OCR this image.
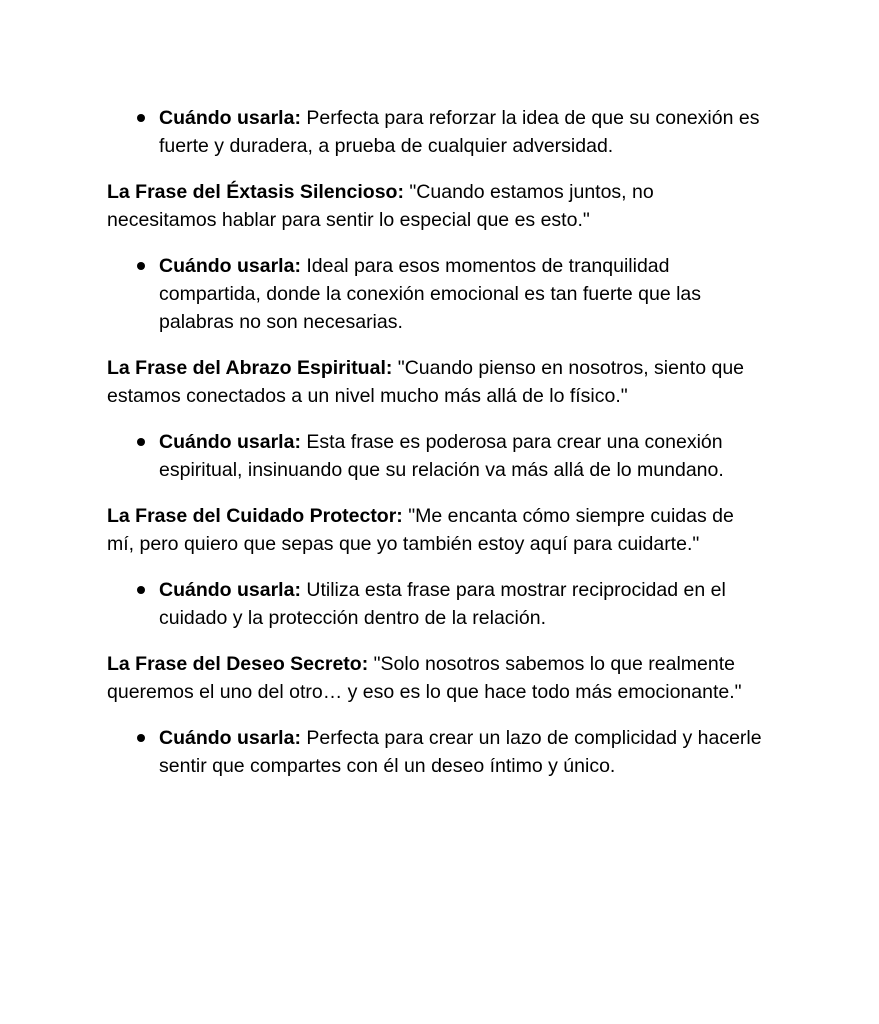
Cuándo usarla: Perfecta para reforzar la idea de que su conexión es fuerte y duradera, a prueba de cualquier adversidad.

La Frase del Éxtasis Silencioso: "Cuando estamos juntos, no necesitamos hablar para sentir lo especial que es esto."

Cuándo usarla: Ideal para esos momentos de tranquilidad compartida, donde la conexión emocional es tan fuerte que las palabras no son necesarias.

La Frase del Abrazo Espiritual: "Cuando pienso en nosotros, siento que estamos conectados a un nivel mucho más allá de lo físico."

Cuándo usarla: Esta frase es poderosa para crear una conexión espiritual, insinuando que su relación va más allá de lo mundano.

La Frase del Cuidado Protector: "Me encanta cómo siempre cuidas de mí, pero quiero que sepas que yo también estoy aquí para cuidarte."

Cuándo usarla: Utiliza esta frase para mostrar reciprocidad en el cuidado y la protección dentro de la relación.

La Frase del Deseo Secreto: "Solo nosotros sabemos lo que realmente queremos el uno del otro… y eso es lo que hace todo más emocionante."

Cuándo usarla: Perfecta para crear un lazo de complicidad y hacerle sentir que compartes con él un deseo íntimo y único.
